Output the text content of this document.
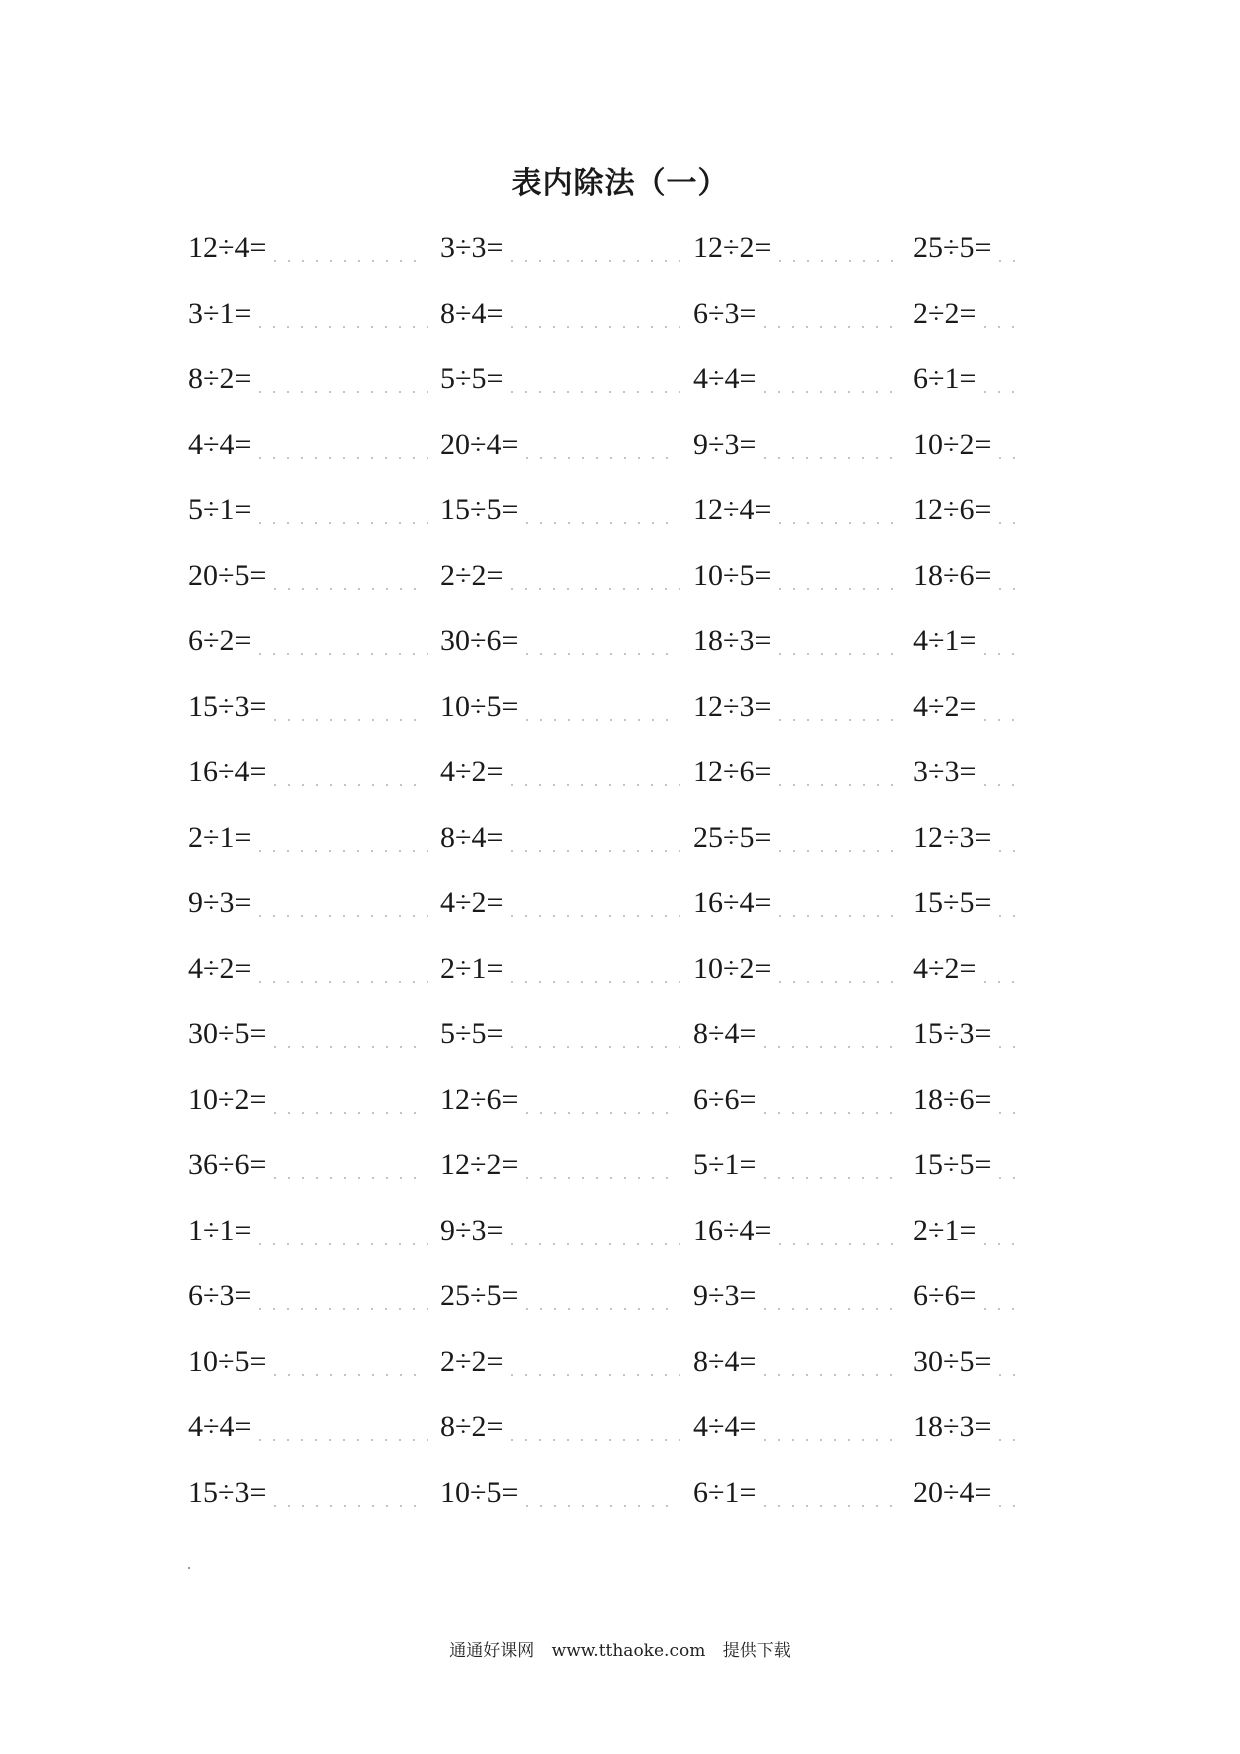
表内除法（一）
12÷4=	3÷3=	12÷2=	25÷5=
3÷1=	8÷4=	6÷3=	2÷2=
8÷2=	5÷5=	4÷4=	6÷1=
4÷4=	20÷4=	9÷3=	10÷2=
5÷1=	15÷5=	12÷4=	12÷6=
20÷5=	2÷2=	10÷5=	18÷6=
6÷2=	30÷6=	18÷3=	4÷1=
15÷3=	10÷5=	12÷3=	4÷2=
16÷4=	4÷2=	12÷6=	3÷3=
2÷1=	8÷4=	25÷5=	12÷3=
9÷3=	4÷2=	16÷4=	15÷5=
4÷2=	2÷1=	10÷2=	4÷2=
30÷5=	5÷5=	8÷4=	15÷3=
10÷2=	12÷6=	6÷6=	18÷6=
36÷6=	12÷2=	5÷1=	15÷5=
1÷1=	9÷3=	16÷4=	2÷1=
6÷3=	25÷5=	9÷3=	6÷6=
10÷5=	2÷2=	8÷4=	30÷5=
4÷4=	8÷2=	4÷4=	18÷3=
15÷3=	10÷5=	6÷1=	20÷4=
通通好课网 www.tthaoke.com 提供下载
